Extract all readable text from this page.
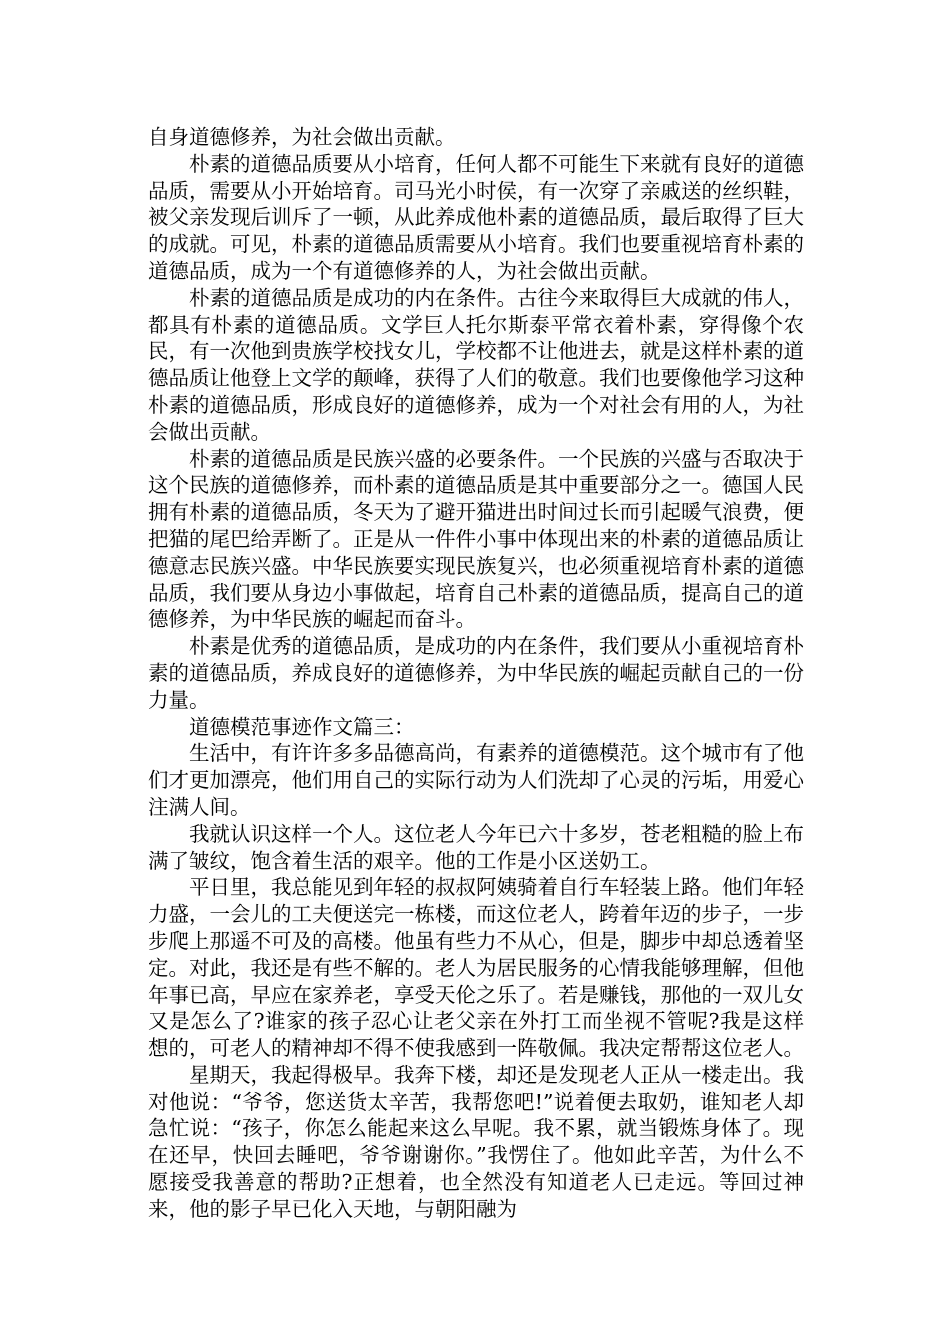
自身道德修养，为社会做出贡献。

朴素的道德品质要从小培育，任何人都不可能生下来就有良好的道德品质，需要从小开始培育。司马光小时侯，有一次穿了亲戚送的丝织鞋，被父亲发现后训斥了一顿，从此养成他朴素的道德品质，最后取得了巨大的成就。可见，朴素的道德品质需要从小培育。我们也要重视培育朴素的道德品质，成为一个有道德修养的人，为社会做出贡献。

朴素的道德品质是成功的内在条件。古往今来取得巨大成就的伟人，都具有朴素的道德品质。文学巨人托尔斯泰平常衣着朴素，穿得像个农民，有一次他到贵族学校找女儿，学校都不让他进去，就是这样朴素的道德品质让他登上文学的颠峰，获得了人们的敬意。我们也要像他学习这种朴素的道德品质，形成良好的道德修养，成为一个对社会有用的人，为社会做出贡献。

朴素的道德品质是民族兴盛的必要条件。一个民族的兴盛与否取决于这个民族的道德修养，而朴素的道德品质是其中重要部分之一。德国人民拥有朴素的道德品质，冬天为了避开猫进出时间过长而引起暖气浪费，便把猫的尾巴给弄断了。正是从一件件小事中体现出来的朴素的道德品质让德意志民族兴盛。中华民族要实现民族复兴，也必须重视培育朴素的道德品质，我们要从身边小事做起，培育自己朴素的道德品质，提高自己的道德修养，为中华民族的崛起而奋斗。

朴素是优秀的道德品质，是成功的内在条件，我们要从小重视培育朴素的道德品质，养成良好的道德修养，为中华民族的崛起贡献自己的一份力量。

道德模范事迹作文篇三：

生活中，有许许多多品德高尚，有素养的道德模范。这个城市有了他们才更加漂亮，他们用自己的实际行动为人们洗却了心灵的污垢，用爱心注满人间。

我就认识这样一个人。这位老人今年已六十多岁，苍老粗糙的脸上布满了皱纹，饱含着生活的艰辛。他的工作是小区送奶工。

平日里，我总能见到年轻的叔叔阿姨骑着自行车轻装上路。他们年轻力盛，一会儿的工夫便送完一栋楼，而这位老人，跨着年迈的步子，一步步爬上那遥不可及的高楼。他虽有些力不从心，但是，脚步中却总透着坚定。对此，我还是有些不解的。老人为居民服务的心情我能够理解，但他年事已高，早应在家养老，享受天伦之乐了。若是赚钱，那他的一双儿女又是怎么了?谁家的孩子忍心让老父亲在外打工而坐视不管呢?我是这样想的，可老人的精神却不得不使我感到一阵敬佩。我决定帮帮这位老人。

星期天，我起得极早。我奔下楼，却还是发现老人正从一楼走出。我对他说：“爷爷，您送货太辛苦，我帮您吧!”说着便去取奶，谁知老人却急忙说：“孩子，你怎么能起来这么早呢。我不累，就当锻炼身体了。现在还早，快回去睡吧，爷爷谢谢你。”我愣住了。他如此辛苦，为什么不愿接受我善意的帮助?正想着，也全然没有知道老人已走远。等回过神来，他的影子早已化入天地，与朝阳融为
